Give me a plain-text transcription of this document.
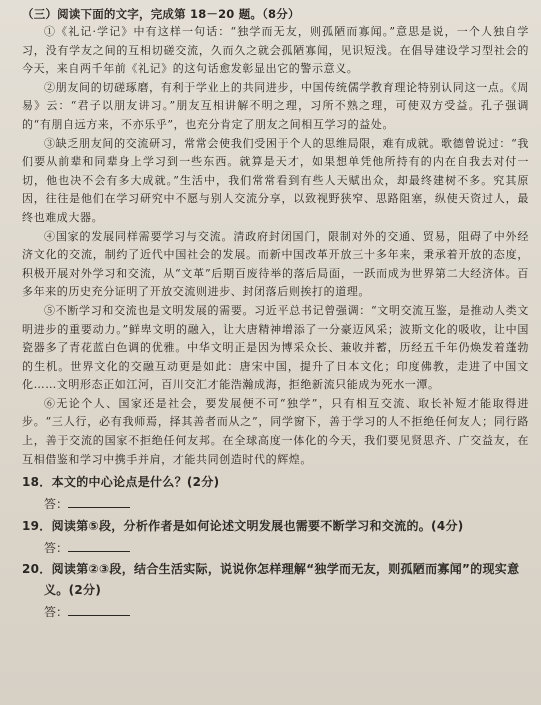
（三）阅读下面的文字，完成第 18－20 题。（8分）

①《礼记·学记》中有这样一句话：“独学而无友，则孤陋而寡闻。”意思是说，一个人独自学习，没有学友之间的互相切磋交流，久而久之就会孤陋寡闻，见识短浅。在倡导建设学习型社会的今天，来自两千年前《礼记》的这句话愈发彰显出它的警示意义。

②朋友间的切磋琢磨，有利于学业上的共同进步，中国传统儒学教育理论特别认同这一点。《周易》云：“君子以朋友讲习。”朋友互相讲解不明之理，习所不熟之理，可使双方受益。孔子强调的“有朋自远方来，不亦乐乎”，也充分肯定了朋友之间相互学习的益处。

③缺乏朋友间的交流研习，常常会使我们受困于个人的思维局限，难有成就。歌德曾说过：“我们要从前辈和同辈身上学习到一些东西。就算是天才，如果想单凭他所持有的内在自我去对付一切，他也决不会有多大成就。”生活中，我们常常看到有些人天赋出众，却最终建树不多。究其原因，往往是他们在学习研究中不愿与别人交流分享，以致视野狭窄、思路阻塞，纵使天资过人，最终也难成大器。

④国家的发展同样需要学习与交流。清政府封闭国门，限制对外的交通、贸易，阻碍了中外经济文化的交流，制约了近代中国社会的发展。而新中国改革开放三十多年来，秉承着开放的态度，积极开展对外学习和交流，从“文革”后期百废待举的落后局面，一跃而成为世界第二大经济体。百多年来的历史充分证明了开放交流则进步、封闭落后则挨打的道理。

⑤不断学习和交流也是文明发展的需要。习近平总书记曾强调：“文明交流互鉴，是推动人类文明进步的重要动力。”鲜卑文明的融入，让大唐精神增添了一分豪迈风采；波斯文化的吸收，让中国瓷器多了青花蓝白色调的优雅。中华文明正是因为博采众长、兼收并蓄，历经五千年仍焕发着蓬勃的生机。世界文化的交融互动更是如此：唐宋中国，提升了日本文化；印度佛教，走进了中国文化……文明形态正如江河，百川交汇才能浩瀚成海，拒绝新流只能成为死水一潭。

⑥无论个人、国家还是社会，要发展便不可“独学”，只有相互交流、取长补短才能取得进步。“三人行，必有我师焉，择其善者而从之”，同学窗下，善于学习的人不拒绝任何友人；同行路上，善于交流的国家不拒绝任何友邦。在全球高度一体化的今天，我们要见贤思齐、广交益友，在互相借鉴和学习中携手并肩，才能共同创造时代的辉煌。

18．本文的中心论点是什么？(2分)

答：

19．阅读第⑤段，分析作者是如何论述文明发展也需要不断学习和交流的。(4分)

答：

20．阅读第②③段，结合生活实际，说说你怎样理解“独学而无友，则孤陋而寡闻”的现实意

义。(2分)

答：
